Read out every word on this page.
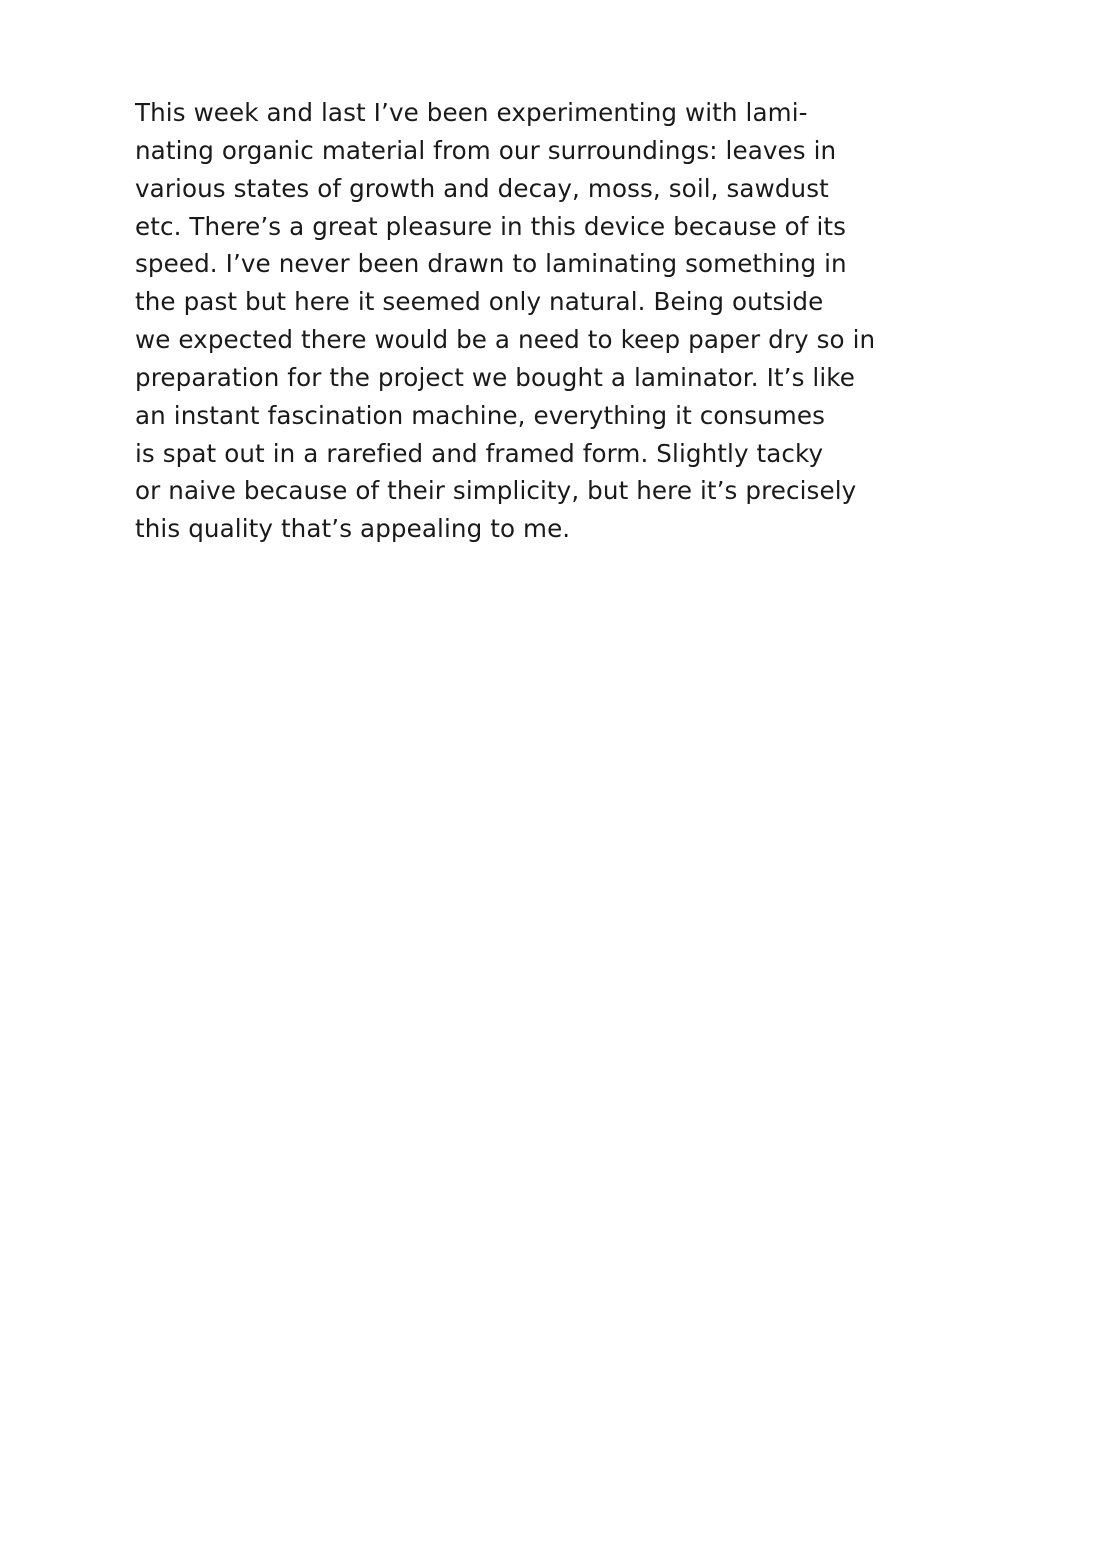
This week and last I’ve been experimenting with lami-
nating organic material from our surroundings: leaves in
various states of growth and decay, moss, soil, sawdust
etc. There’s a great pleasure in this device because of its
speed. I’ve never been drawn to laminating something in
the past but here it seemed only natural. Being outside
we expected there would be a need to keep paper dry so in
preparation for the project we bought a laminator. It’s like
an instant fascination machine, everything it consumes
is spat out in a rarefied and framed form. Slightly tacky
or naive because of their simplicity, but here it’s precisely
this quality that’s appealing to me.
